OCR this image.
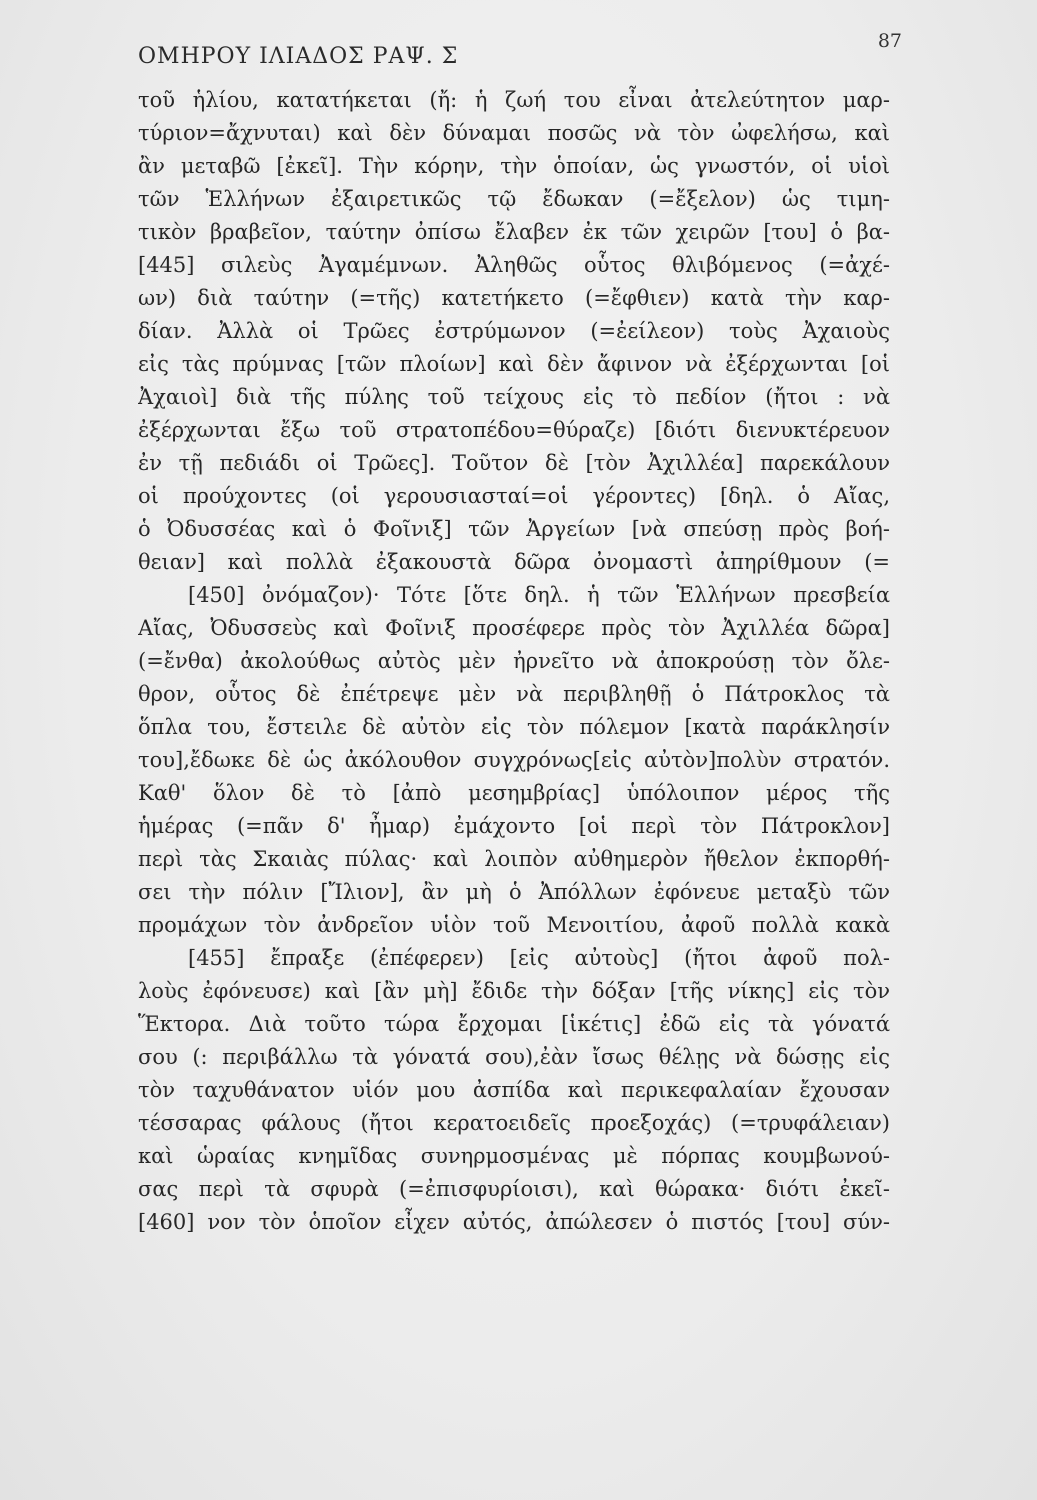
ΟΜΗΡΟΥ ΙΛΙΑΔΟΣ ΡΑΨ. Σ
87
τοῦ ἡλίου, κατατήκεται (ἤ: ἡ ζωή του εἶναι ἀτελεύτητον μαρ-
τύριον=ἄχνυται) καὶ δὲν δύναμαι ποσῶς νὰ τὸν ὠφελήσω, καὶ
ἂν μεταβῶ [ἐκεῖ]. Τὴν κόρην, τὴν ὁποίαν, ὡς γνωστόν, οἱ υἱοὶ
τῶν Ἑλλήνων ἐξαιρετικῶς τῷ ἔδωκαν (=ἔξελον) ὡς τιμη-
τικὸν βραβεῖον, ταύτην ὀπίσω ἔλαβεν ἐκ τῶν χειρῶν [του] ὁ βα-
[445] σιλεὺς Ἀγαμέμνων. Ἀληθῶς οὗτος θλιβόμενος (=ἀχέ-
ων) διὰ ταύτην (=τῆς) κατετήκετο (=ἔφθιεν) κατὰ τὴν καρ-
δίαν. Ἀλλὰ οἱ Τρῶες ἐστρύμωνον (=ἐείλεον) τοὺς Ἀχαιοὺς
εἰς τὰς πρύμνας [τῶν πλοίων] καὶ δὲν ἄφινον νὰ ἐξέρχωνται [οἱ
Ἀχαιοὶ] διὰ τῆς πύλης τοῦ τείχους εἰς τὸ πεδίον (ἤτοι : νὰ
ἐξέρχωνται ἔξω τοῦ στρατοπέδου=θύραζε) [διότι διενυκτέρευον
ἐν τῇ πεδιάδι οἱ Τρῶες]. Τοῦτον δὲ [τὸν Ἀχιλλέα] παρεκάλουν
οἱ προύχοντες (οἱ γερουσιασταί=οἱ γέροντες) [δηλ. ὁ Αἴας,
ὁ Ὀδυσσέας καὶ ὁ Φοῖνιξ] τῶν Ἀργείων [νὰ σπεύσῃ πρὸς βοή-
θειαν] καὶ πολλὰ ἐξακουστὰ δῶρα ὀνομαστὶ ἀπηρίθμουν (=
[450] ὀνόμαζον)· Τότε [ὅτε δηλ. ἡ τῶν Ἑλλήνων πρεσβεία
Αἴας, Ὀδυσσεὺς καὶ Φοῖνιξ προσέφερε πρὸς τὸν Ἀχιλλέα δῶρα]
(=ἔνθα) ἀκολούθως αὐτὸς μὲν ἠρνεῖτο νὰ ἀποκρούσῃ τὸν ὄλε-
θρον, οὗτος δὲ ἐπέτρεψε μὲν νὰ περιβληθῇ ὁ Πάτροκλος τὰ
ὅπλα του, ἔστειλε δὲ αὐτὸν εἰς τὸν πόλεμον [κατὰ παράκλησίν
του],ἔδωκε δὲ ὡς ἀκόλουθον συγχρόνως[εἰς αὐτὸν]πολὺν στρατόν.
Καθ' ὅλον δὲ τὸ [ἀπὸ μεσημβρίας] ὑπόλοιπον μέρος τῆς
ἡμέρας (=πᾶν δ' ἦμαρ) ἐμάχοντο [οἱ περὶ τὸν Πάτροκλον]
περὶ τὰς Σκαιὰς πύλας· καὶ λοιπὸν αὐθημερὸν ἤθελον ἐκπορθή-
σει τὴν πόλιν [Ἴλιον], ἂν μὴ ὁ Ἀπόλλων ἐφόνευε μεταξὺ τῶν
προμάχων τὸν ἀνδρεῖον υἱὸν τοῦ Μενοιτίου, ἀφοῦ πολλὰ κακὰ
[455] ἔπραξε (ἐπέφερεν) [εἰς αὐτοὺς] (ἤτοι ἀφοῦ πολ-
λοὺς ἐφόνευσε) καὶ [ἂν μὴ] ἔδιδε τὴν δόξαν [τῆς νίκης] εἰς τὸν
Ἕκτορα. Διὰ τοῦτο τώρα ἔρχομαι [ἱκέτις] ἐδῶ εἰς τὰ γόνατά
σου (: περιβάλλω τὰ γόνατά σου),ἐὰν ἴσως θέλῃς νὰ δώσῃς εἰς
τὸν ταχυθάνατον υἱόν μου ἀσπίδα καὶ περικεφαλαίαν ἔχουσαν
τέσσαρας φάλους (ἤτοι κερατοειδεῖς προεξοχάς) (=τρυφάλειαν)
καὶ ὡραίας κνημῖδας συνηρμοσμένας μὲ πόρπας κουμβωνού-
σας περὶ τὰ σφυρὰ (=ἐπισφυρίοισι), καὶ θώρακα· διότι ἐκεῖ-
[460] νον τὸν ὁποῖον εἶχεν αὐτός, ἀπώλεσεν ὁ πιστός [του] σύν-
